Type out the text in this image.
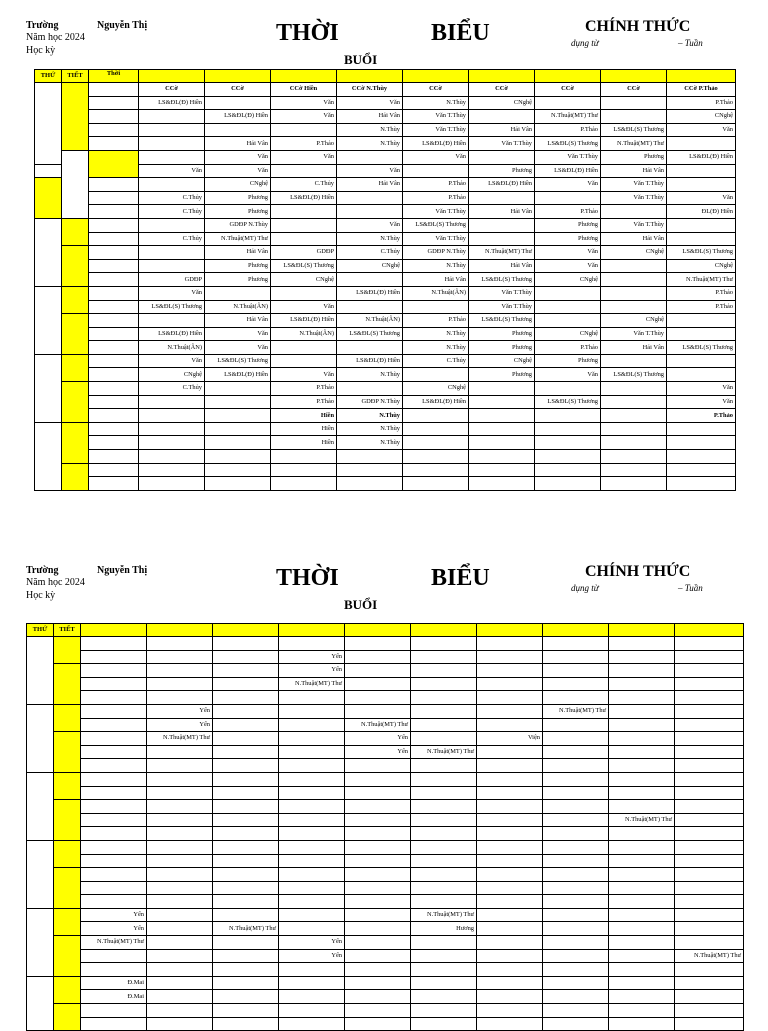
Trường	Nguyễn Thị
Năm học 2024
Học kỳ
THỜI	BIỂU
BUỔI
CHÍNH THỨC
dụng từ	– Tuần
THỨ	TIẾT	Thời										
			CCờ	CCờ	CCờ Hiền	CCờ N.Thùy	CCờ	CCờ	CCờ	CCờ	CCờ P.Thảo	
			LS&ĐL(Đ) Hiền		Văn	Văn	N.Thùy	CNghệ			P.Thảo	
				LS&ĐL(Đ) Hiền	Văn	Hải Vân	Văn T.Thùy		N.Thuật(MT) Thư		CNghệ	
						N.Thùy	Văn T.Thùy	Hải Vân	P.Thảo	LS&ĐL(S) Thương	Văn	
				Hải Vân	P.Thảo	N.Thùy	LS&ĐL(Đ) Hiền	Văn T.Thùy	LS&ĐL(S) Thương	N.Thuật(MT) Thư		
				Văn	Văn		Văn		Văn T.Thùy	Phương	LS&ĐL(Đ) Hiền	
			Văn	Văn		Văn		Phương	LS&ĐL(Đ) Hiền	Hải Vân		
				CNghệ	C.Thủy	Hải Vân	P.Thảo	LS&ĐL(Đ) Hiền	Văn	Văn T.Thùy		
			C.Thủy	Phương	LS&ĐL(Đ) Hiền		P.Thảo			Văn T.Thùy	Văn	
			C.Thủy	Phương			Văn T.Thùy	Hải Vân	P.Thảo		ĐL(Đ) Hiền	
				GDĐP N.Thùy		Văn	LS&ĐL(S) Thương		Phương	Văn T.Thùy		
			C.Thủy	N.Thuật(MT) Thư		N.Thùy	Văn T.Thùy		Phương	Hải Vân		
				Hải Vân	GDĐP	C.Thủy	GDĐP N.Thùy	N.Thuật(MT) Thư	Văn	CNghệ	LS&ĐL(S) Thương	
				Phương	LS&ĐL(S) Thương	CNghệ	N.Thùy	Hải Vân	Văn		CNghệ	
			GDĐP	Phương	CNghệ		Hải Vân	LS&ĐL(S) Thương	CNghệ		N.Thuật(MT) Thư	
			Văn			LS&ĐL(Đ) Hiền	N.Thuật(ÂN)	Văn T.Thùy			P.Thảo	
			LS&ĐL(S) Thương	N.Thuật(ÂN)	Văn			Văn T.Thùy			P.Thảo	
				Hải Vân	LS&ĐL(Đ) Hiền	N.Thuật(ÂN)	P.Thảo	LS&ĐL(S) Thương		CNghệ		
			LS&ĐL(Đ) Hiền	Văn	N.Thuật(ÂN)	LS&ĐL(S) Thương	N.Thùy	Phương	CNghệ	Văn T.Thùy		
			N.Thuật(ÂN)	Văn			N.Thùy	Phương	P.Thảo	Hải Vân	LS&ĐL(S) Thương	
			Văn	LS&ĐL(S) Thương		LS&ĐL(Đ) Hiền	C.Thủy	CNghệ	Phương			
			CNghệ	LS&ĐL(Đ) Hiền	Văn	N.Thùy		Phương	Văn	LS&ĐL(S) Thương		
			C.Thủy		P.Thảo		CNghệ				Văn	
					P.Thảo	GDĐP N.Thùy	LS&ĐL(Đ) Hiền		LS&ĐL(S) Thương		Văn	
					Hiền	N.Thùy					P.Thảo	
					Hiền	N.Thùy						
					Hiền	N.Thùy						

Trường	Nguyễn Thị
Năm học 2024
Học kỳ
THỜI	BIỂU
BUỔI
CHÍNH THỨC
dụng từ	– Tuần
THỨ	TIẾT										

					Yến						
					Yến						
					N.Thuật(MT) Thư						

			Yến						N.Thuật(MT) Thư		
			Yến			N.Thuật(MT) Thư					
			N.Thuật(MT) Thư			Yến		Viện			
						Yến	N.Thuật(MT) Thư				

										N.Thuật(MT) Thư	

		Yến					N.Thuật(MT) Thư				
		Yến		N.Thuật(MT) Thư			Hương				
		N.Thuật(MT) Thư			Yến						
					Yến						N.Thuật(MT) Thư

		Đ.Mai									
		Đ.Mai									
